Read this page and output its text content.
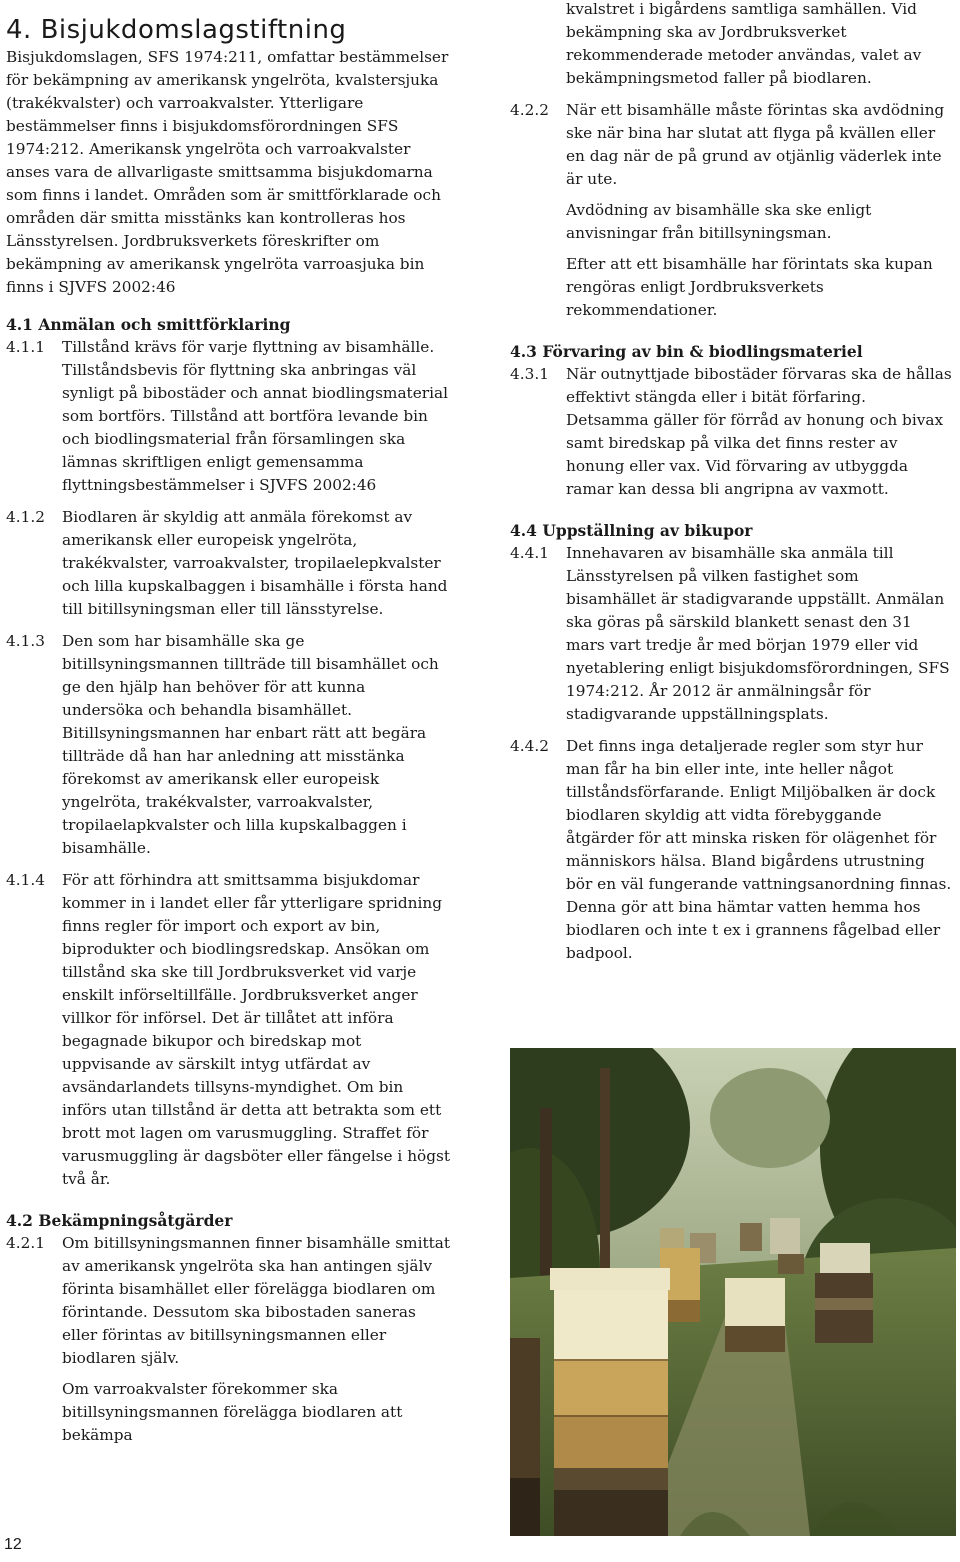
4. Bisjukdomslagstiftning

Bisjukdomslagen, SFS 1974:211, omfattar bestämmelser för bekämpning av amerikansk yngelröta, kvalstersjuka (trakékvalster) och varroakvalster. Ytterligare bestämmelser finns i bisjukdomsförordningen SFS 1974:212. Amerikansk yngelröta och varroakvalster anses vara de allvarligaste smittsamma bisjukdomarna som finns i landet. Områden som är smittförklarade och områden där smitta misstänks kan kontrolleras hos Länsstyrelsen. Jordbruksverkets föreskrifter om bekämpning av amerikansk yngelröta varroasjuka bin finns i SJVFS 2002:46

4.1 Anmälan och smittförklaring

4.1.1 Tillstånd krävs för varje flyttning av bisamhälle. Tillståndsbevis för flyttning ska anbringas väl synligt på bibostäder och annat biodlingsmaterial som bortförs. Tillstånd att bortföra levande bin och biodlingsmaterial från församlingen ska lämnas skriftligen enligt gemensamma flyttningsbestämmelser i SJVFS 2002:46

4.1.2 Biodlaren är skyldig att anmäla förekomst av amerikansk eller europeisk yngelröta, trakékvalster, varroakvalster, tropilaelepkvalster och lilla kupskalbaggen i bisamhälle i första hand till bitillsyningsman eller till länsstyrelse.

4.1.3 Den som har bisamhälle ska ge bitillsyningsmannen tillträde till bisamhället och ge den hjälp han behöver för att kunna undersöka och behandla bisamhället. Bitillsyningsmannen har enbart rätt att begära tillträde då han har anledning att misstänka förekomst av amerikansk eller europeisk yngelröta, trakékvalster, varroakvalster, tropilaelapkvalster och lilla kupskalbaggen i bisamhälle.

4.1.4 För att förhindra att smittsamma bisjukdomar kommer in i landet eller får ytterligare spridning finns regler för import och export av bin, biprodukter och biodlingsredskap. Ansökan om tillstånd ska ske till Jordbruksverket vid varje enskilt införseltillfälle. Jordbruksverket anger villkor för införsel. Det är tillåtet att införa begagnade bikupor och biredskap mot uppvisande av särskilt intyg utfärdat av avsändarlandets tillsyns-myndighet. Om bin införs utan tillstånd är detta att betrakta som ett brott mot lagen om varusmuggling. Straffet för varusmuggling är dagsböter eller fängelse i högst två år.

4.2 Bekämpningsåtgärder

4.2.1 Om bitillsyningsmannen finner bisamhälle smittat av amerikansk yngelröta ska han antingen själv förinta bisamhället eller förelägga biodlaren om förintande. Dessutom ska bibostaden saneras eller förintas av bitillsyningsmannen eller biodlaren själv.

Om varroakvalster förekommer ska bitillsyningsmannen förelägga biodlaren att bekämpa

kvalstret i bigårdens samtliga samhällen. Vid bekämpning ska av Jordbruksverket rekommenderade metoder användas, valet av bekämpningsmetod faller på biodlaren.

4.2.2 När ett bisamhälle måste förintas ska avdödning ske när bina har slutat att flyga på kvällen eller en dag när de på grund av otjänlig väderlek inte är ute.

Avdödning av bisamhälle ska ske enligt anvisningar från bitillsyningsman.

Efter att ett bisamhälle har förintats ska kupan rengöras enligt Jordbruksverkets rekommendationer.

4.3 Förvaring av bin & biodlingsmateriel

4.3.1 När outnyttjade bibostäder förvaras ska de hållas effektivt stängda eller i bität förfaring. Detsamma gäller för förråd av honung och bivax samt biredskap på vilka det finns rester av honung eller vax. Vid förvaring av utbyggda ramar kan dessa bli angripna av vaxmott.

4.4 Uppställning av bikupor

4.4.1 Innehavaren av bisamhälle ska anmäla till Länsstyrelsen på vilken fastighet som bisamhället är stadigvarande uppställt. Anmälan ska göras på särskild blankett senast den 31 mars vart tredje år med början 1979 eller vid nyetablering enligt bisjukdomsförordningen, SFS 1974:212. År 2012 är anmälningsår för stadigvarande uppställningsplats.

4.4.2 Det finns inga detaljerade regler som styr hur man får ha bin eller inte, inte heller något tillståndsförfarande. Enligt Miljöbalken är dock biodlaren skyldig att vidta förebyggande åtgärder för att minska risken för olägenhet för människors hälsa. Bland bigårdens utrustning bör en väl fungerande vattningsanordning finnas. Denna gör att bina hämtar vatten hemma hos biodlaren och inte t ex i grannens fågelbad eller badpool.

12
